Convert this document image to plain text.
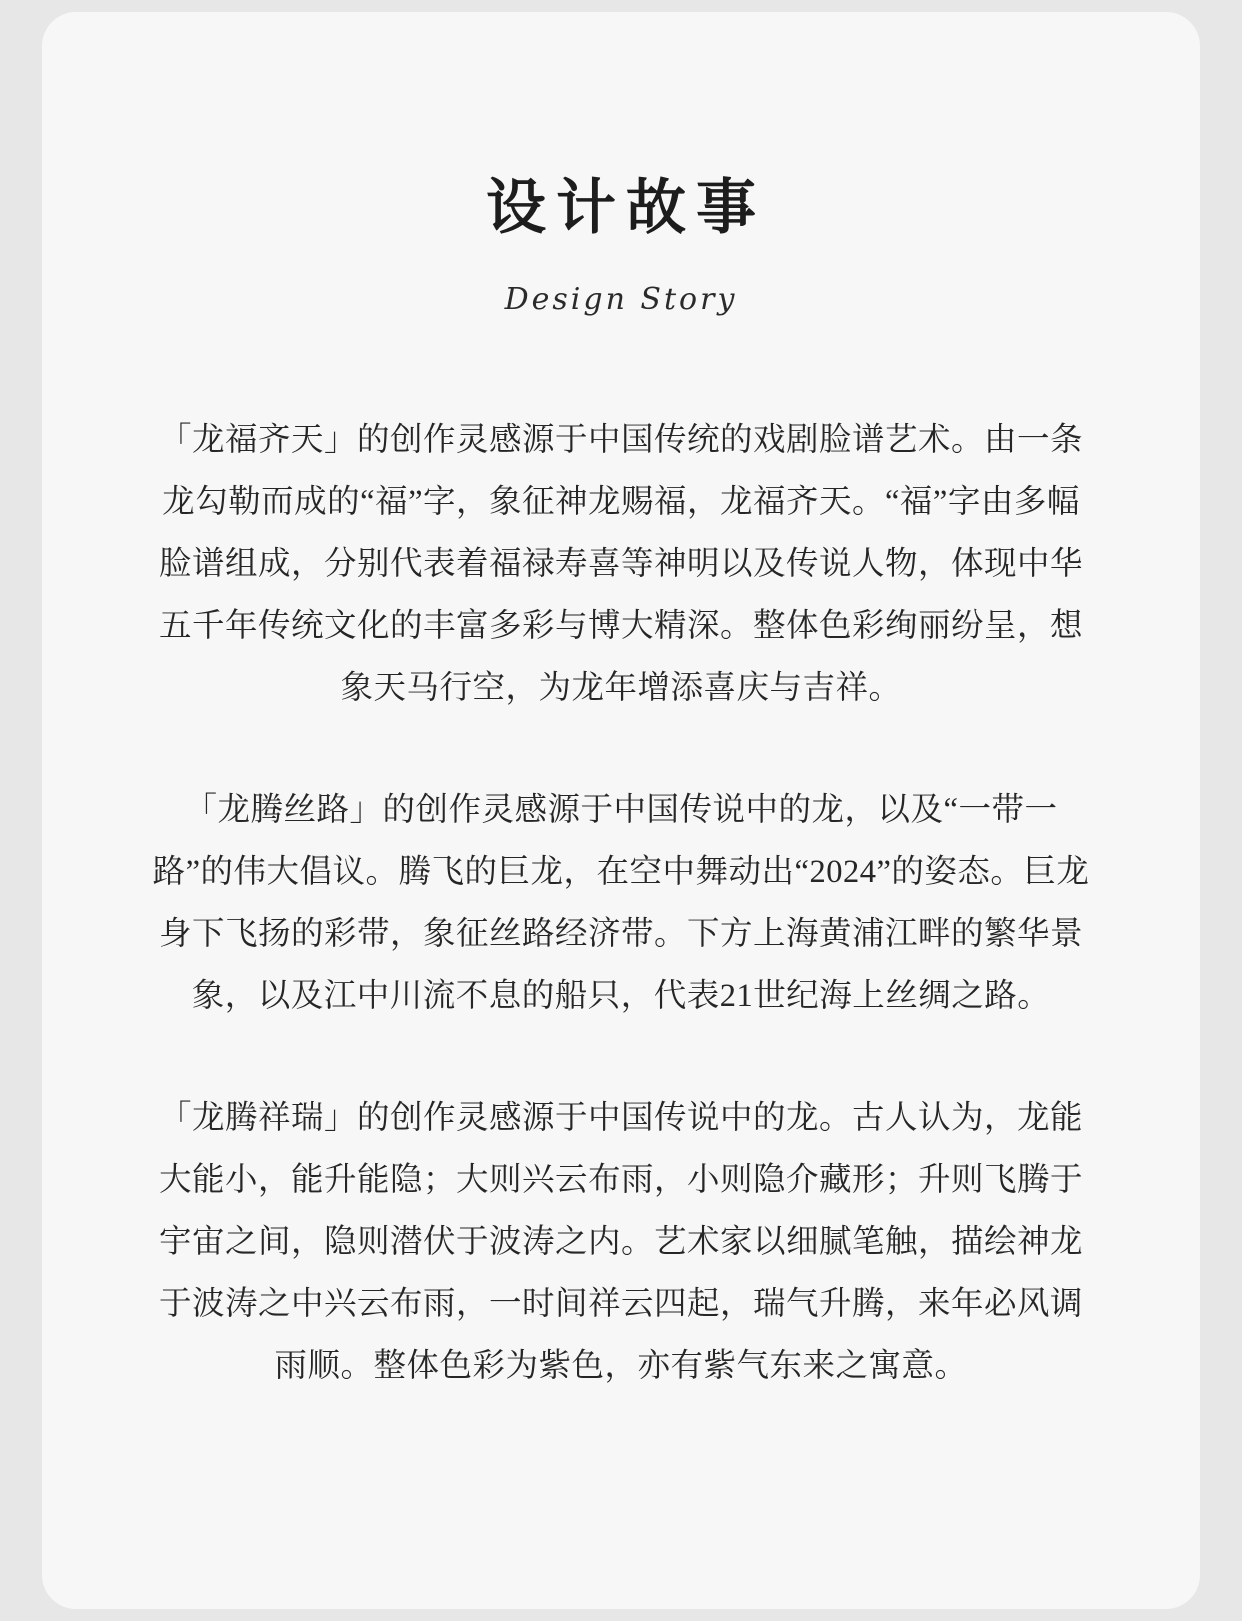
设计故事
Design Story

「龙福齐天」的创作灵感源于中国传统的戏剧脸谱艺术。由一条龙勾勒而成的“福”字，象征神龙赐福，龙福齐天。“福”字由多幅脸谱组成，分别代表着福禄寿喜等神明以及传说人物，体现中华五千年传统文化的丰富多彩与博大精深。整体色彩绚丽纷呈，想象天马行空，为龙年增添喜庆与吉祥。

「龙腾丝路」的创作灵感源于中国传说中的龙，以及“一带一路”的伟大倡议。腾飞的巨龙，在空中舞动出“2024”的姿态。巨龙身下飞扬的彩带，象征丝路经济带。下方上海黄浦江畔的繁华景象，以及江中川流不息的船只，代表21世纪海上丝绸之路。

「龙腾祥瑞」的创作灵感源于中国传说中的龙。古人认为，龙能大能小，能升能隐；大则兴云布雨，小则隐介藏形；升则飞腾于宇宙之间，隐则潜伏于波涛之内。艺术家以细腻笔触，描绘神龙于波涛之中兴云布雨，一时间祥云四起，瑞气升腾，来年必风调雨顺。整体色彩为紫色，亦有紫气东来之寓意。
